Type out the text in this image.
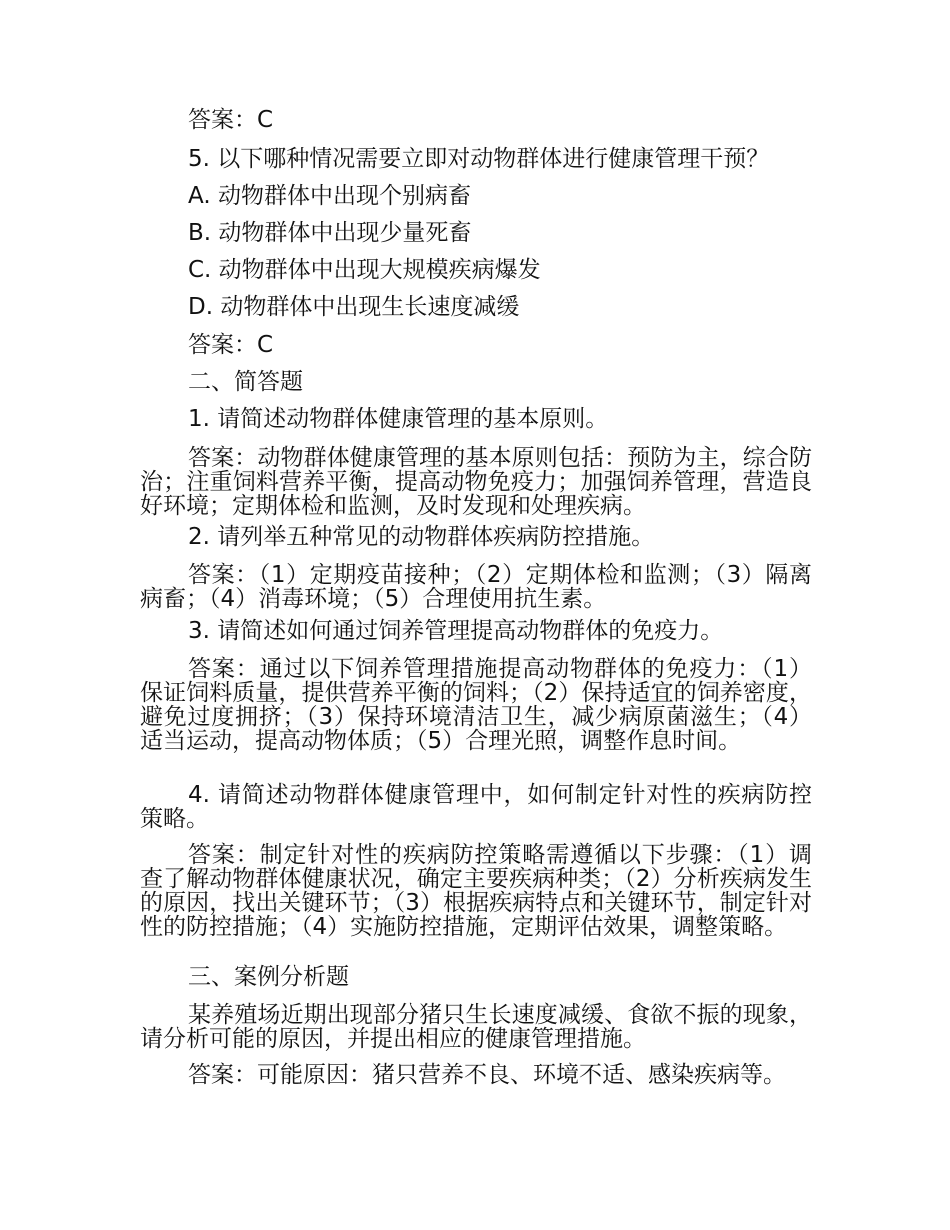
答案：C
5. 以下哪种情况需要立即对动物群体进行健康管理干预？
A. 动物群体中出现个别病畜
B. 动物群体中出现少量死畜
C. 动物群体中出现大规模疾病爆发
D. 动物群体中出现生长速度减缓
答案：C
二、简答题
1. 请简述动物群体健康管理的基本原则。
答案：动物群体健康管理的基本原则包括：预防为主，综合防治；注重饲料营养平衡，提高动物免疫力；加强饲养管理，营造良好环境；定期体检和监测，及时发现和处理疾病。
2. 请列举五种常见的动物群体疾病防控措施。
答案：（1）定期疫苗接种；（2）定期体检和监测；（3）隔离病畜；（4）消毒环境；（5）合理使用抗生素。
3. 请简述如何通过饲养管理提高动物群体的免疫力。
答案：通过以下饲养管理措施提高动物群体的免疫力：（1）保证饲料质量，提供营养平衡的饲料；（2）保持适宜的饲养密度，避免过度拥挤；（3）保持环境清洁卫生，减少病原菌滋生；（4）适当运动，提高动物体质；（5）合理光照，调整作息时间。
4. 请简述动物群体健康管理中，如何制定针对性的疾病防控策略。
答案：制定针对性的疾病防控策略需遵循以下步骤：（1）调查了解动物群体健康状况，确定主要疾病种类；（2）分析疾病发生的原因，找出关键环节；（3）根据疾病特点和关键环节，制定针对性的防控措施；（4）实施防控措施，定期评估效果，调整策略。
三、案例分析题
某养殖场近期出现部分猪只生长速度减缓、食欲不振的现象，请分析可能的原因，并提出相应的健康管理措施。
答案：可能原因：猪只营养不良、环境不适、感染疾病等。
